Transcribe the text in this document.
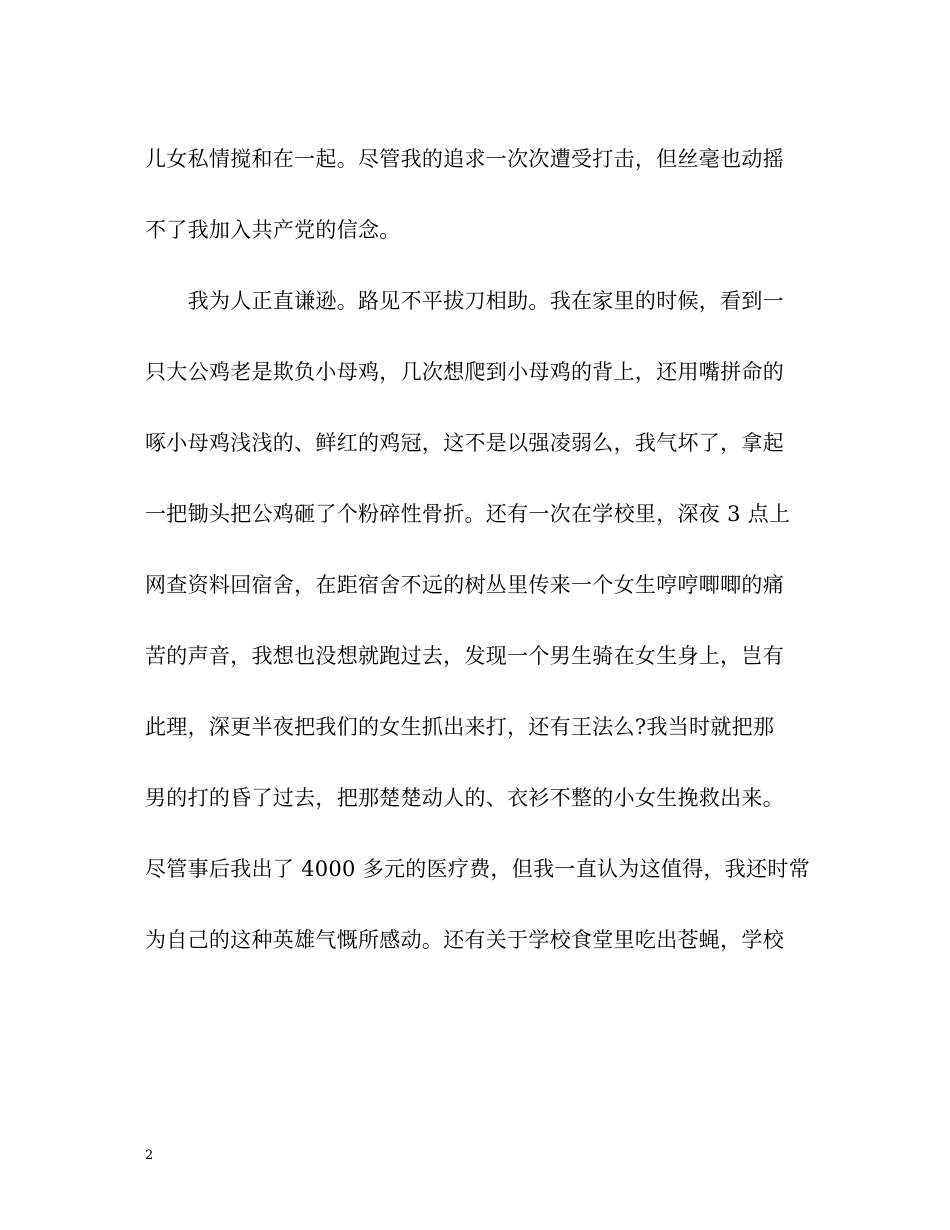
儿女私情搅和在一起。尽管我的追求一次次遭受打击，但丝毫也动摇
不了我加入共产党的信念。
　　我为人正直谦逊。路见不平拔刀相助。我在家里的时候，看到一
只大公鸡老是欺负小母鸡，几次想爬到小母鸡的背上，还用嘴拼命的
啄小母鸡浅浅的、鲜红的鸡冠，这不是以强凌弱么，我气坏了，拿起
一把锄头把公鸡砸了个粉碎性骨折。还有一次在学校里，深夜 3 点上
网查资料回宿舍，在距宿舍不远的树丛里传来一个女生哼哼唧唧的痛
苦的声音，我想也没想就跑过去，发现一个男生骑在女生身上，岂有
此理，深更半夜把我们的女生抓出来打，还有王法么?我当时就把那
男的打的昏了过去，把那楚楚动人的、衣衫不整的小女生挽救出来。
尽管事后我出了 4000 多元的医疗费，但我一直认为这值得，我还时常
为自己的这种英雄气慨所感动。还有关于学校食堂里吃出苍蝇，学校
2
